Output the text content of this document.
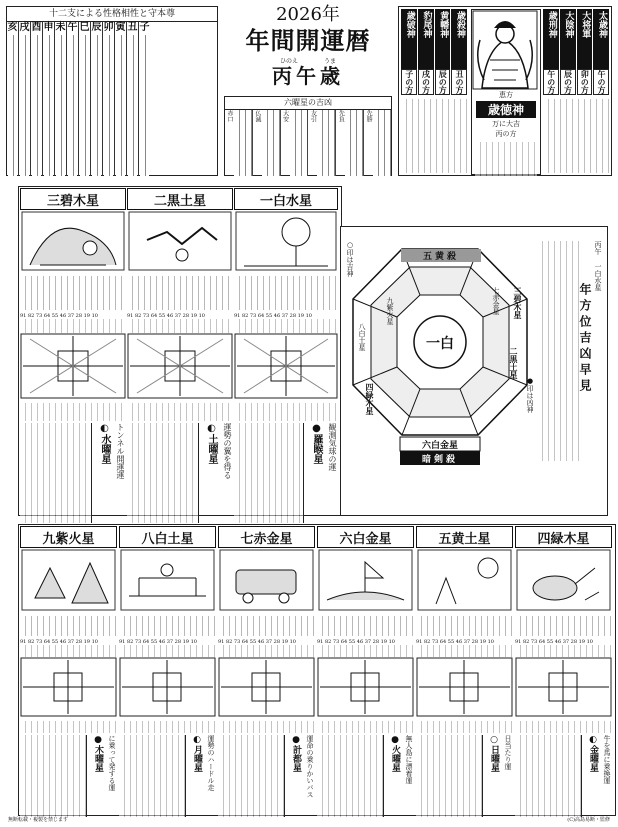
十二支による性格相性と守本尊
亥 戌 酉 申 未 午 巳 辰 卯 寅 丑 子
2026年
年間開運暦
ひのえ	うま
丙午歳
六曜星の吉凶
赤口	仏滅	大安	友引	先負	先勝
歳破神 豹尾神 黄幡神 歳殺神
子の方 戌の方 辰の方 丑の方
歳刑神 大陰神 大将軍 太歳神
午の方 辰の方 卯の方 午の方
恵方
歳徳神
万に大吉
丙の方
三碧木星
91 82 73 64 55 46 37 28 19 10
◐水曜星 トンネル開運運
二黒土星
91 82 73 64 55 46 37 28 19 10
◐土曜星 運勢の翼を得る
一白水星
91 82 73 64 55 46 37 28 19 10
●羅睺星 観測気球の運
五黄殺
一白
六白金星
暗剣殺
九紫火星
二黒土星
四緑木星
八白土星
七赤金星 三碧木星
○印は吉神
●印は凶神
丙午 一白水星
年方位吉凶早見
九紫火星
91 82 73 64 55 46 37 28 19 10
●木曜星 に乗って発する運
八白土星
91 82 73 64 55 46 37 28 19 10
◐月曜星 運勢のハードル走
七赤金星
91 82 73 64 55 46 37 28 19 10
●計都星 運命の乗りかいバス
六白金星
91 82 73 64 55 46 37 28 19 10
●火曜星 無人島に漂着運
五黄土星
91 82 73 64 55 46 37 28 19 10
○日曜星 日当たり運
四緑木星
91 82 73 64 55 46 37 28 19 10
◐金曜星 牛を馬に乗換運
無断転載・複製を禁じます	(C)高島易断・監修
